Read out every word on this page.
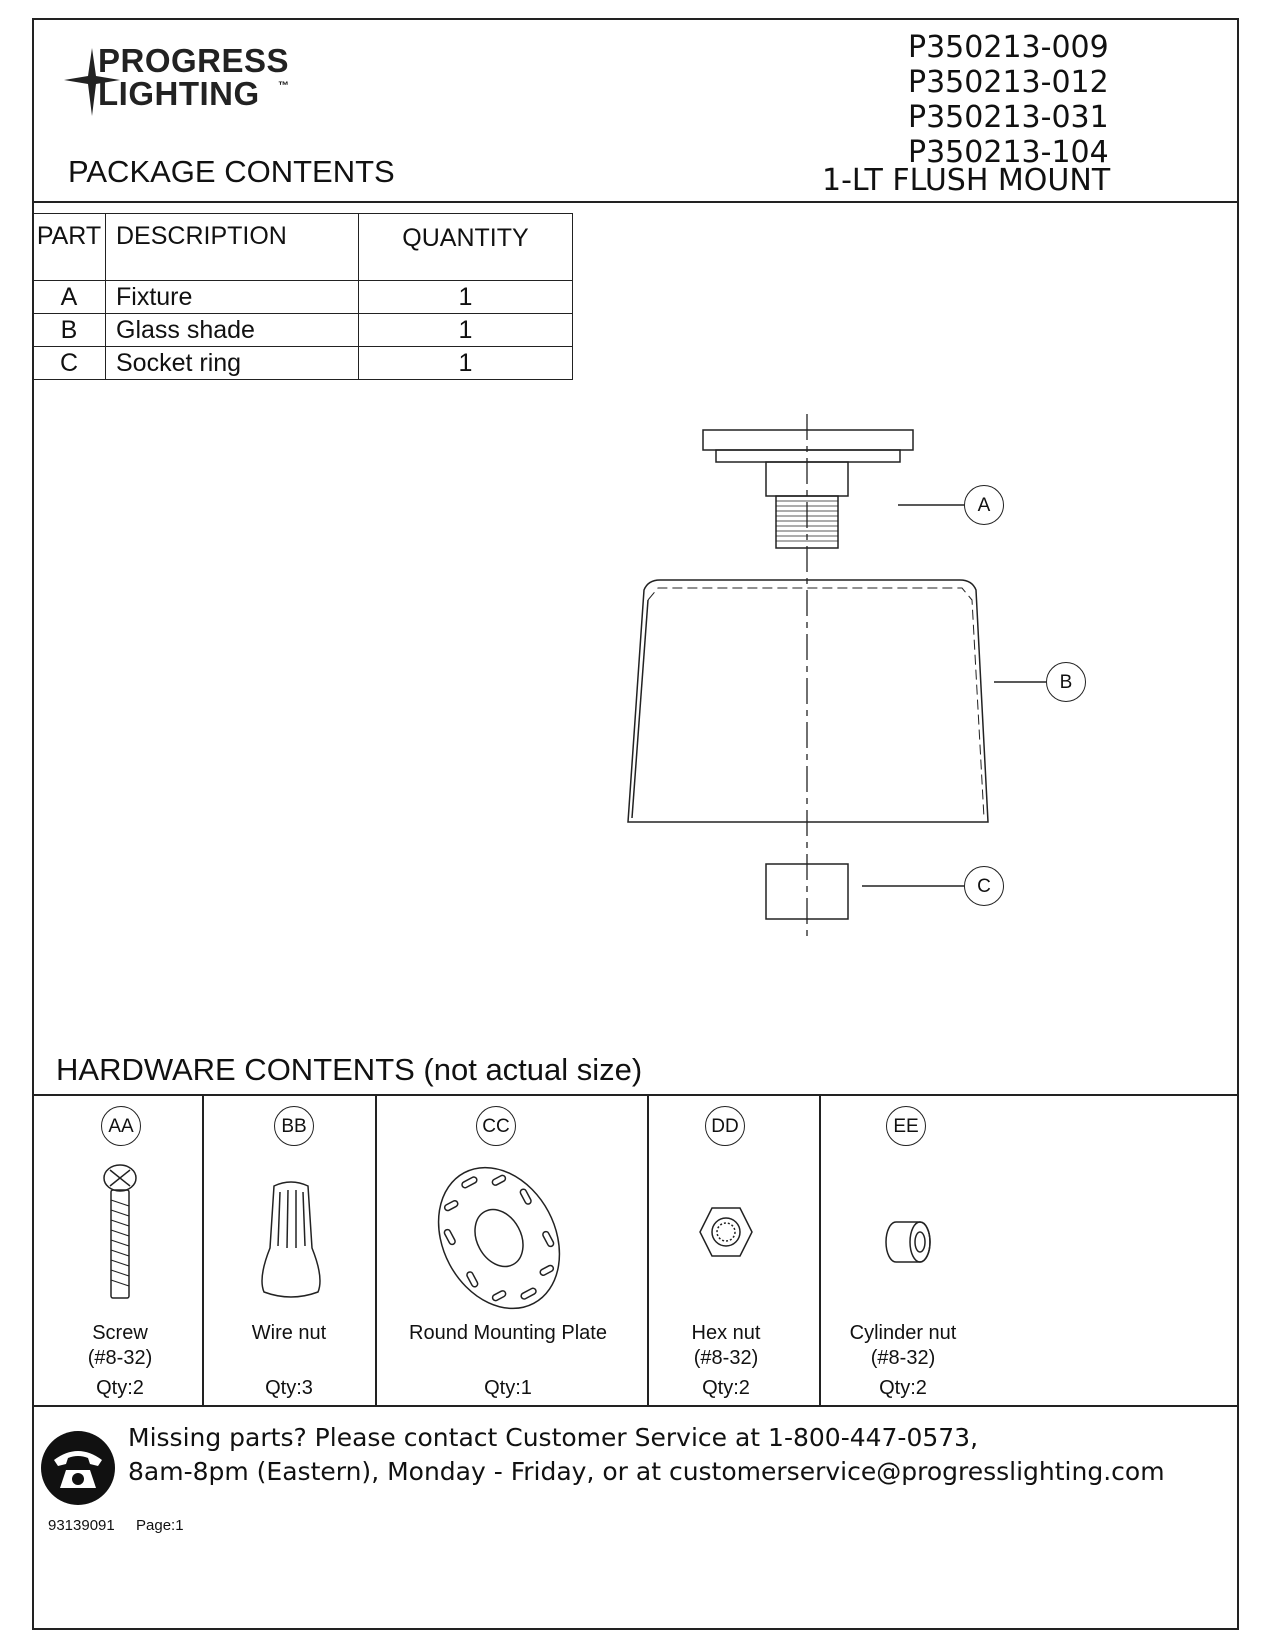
PROGRESS
LIGHTING ™
P350213-009
P350213-012
P350213-031
P350213-104
1-LT FLUSH MOUNT
PACKAGE CONTENTS
PART	DESCRIPTION	QUANTITY
A	Fixture	1
B	Glass shade	1
C	Socket ring	1
A
B
C
HARDWARE CONTENTS (not actual size)
AA
Screw
(#8-32)
Qty:2
BB
Wire nut
Qty:3
CC
Round Mounting Plate
Qty:1
DD
Hex nut
(#8-32)
Qty:2
EE
Cylinder nut
(#8-32)
Qty:2
Missing parts? Please contact Customer Service at 1-800-447-0573,
8am-8pm (Eastern), Monday - Friday, or at customerservice@progresslighting.com
93139091 Page:1
